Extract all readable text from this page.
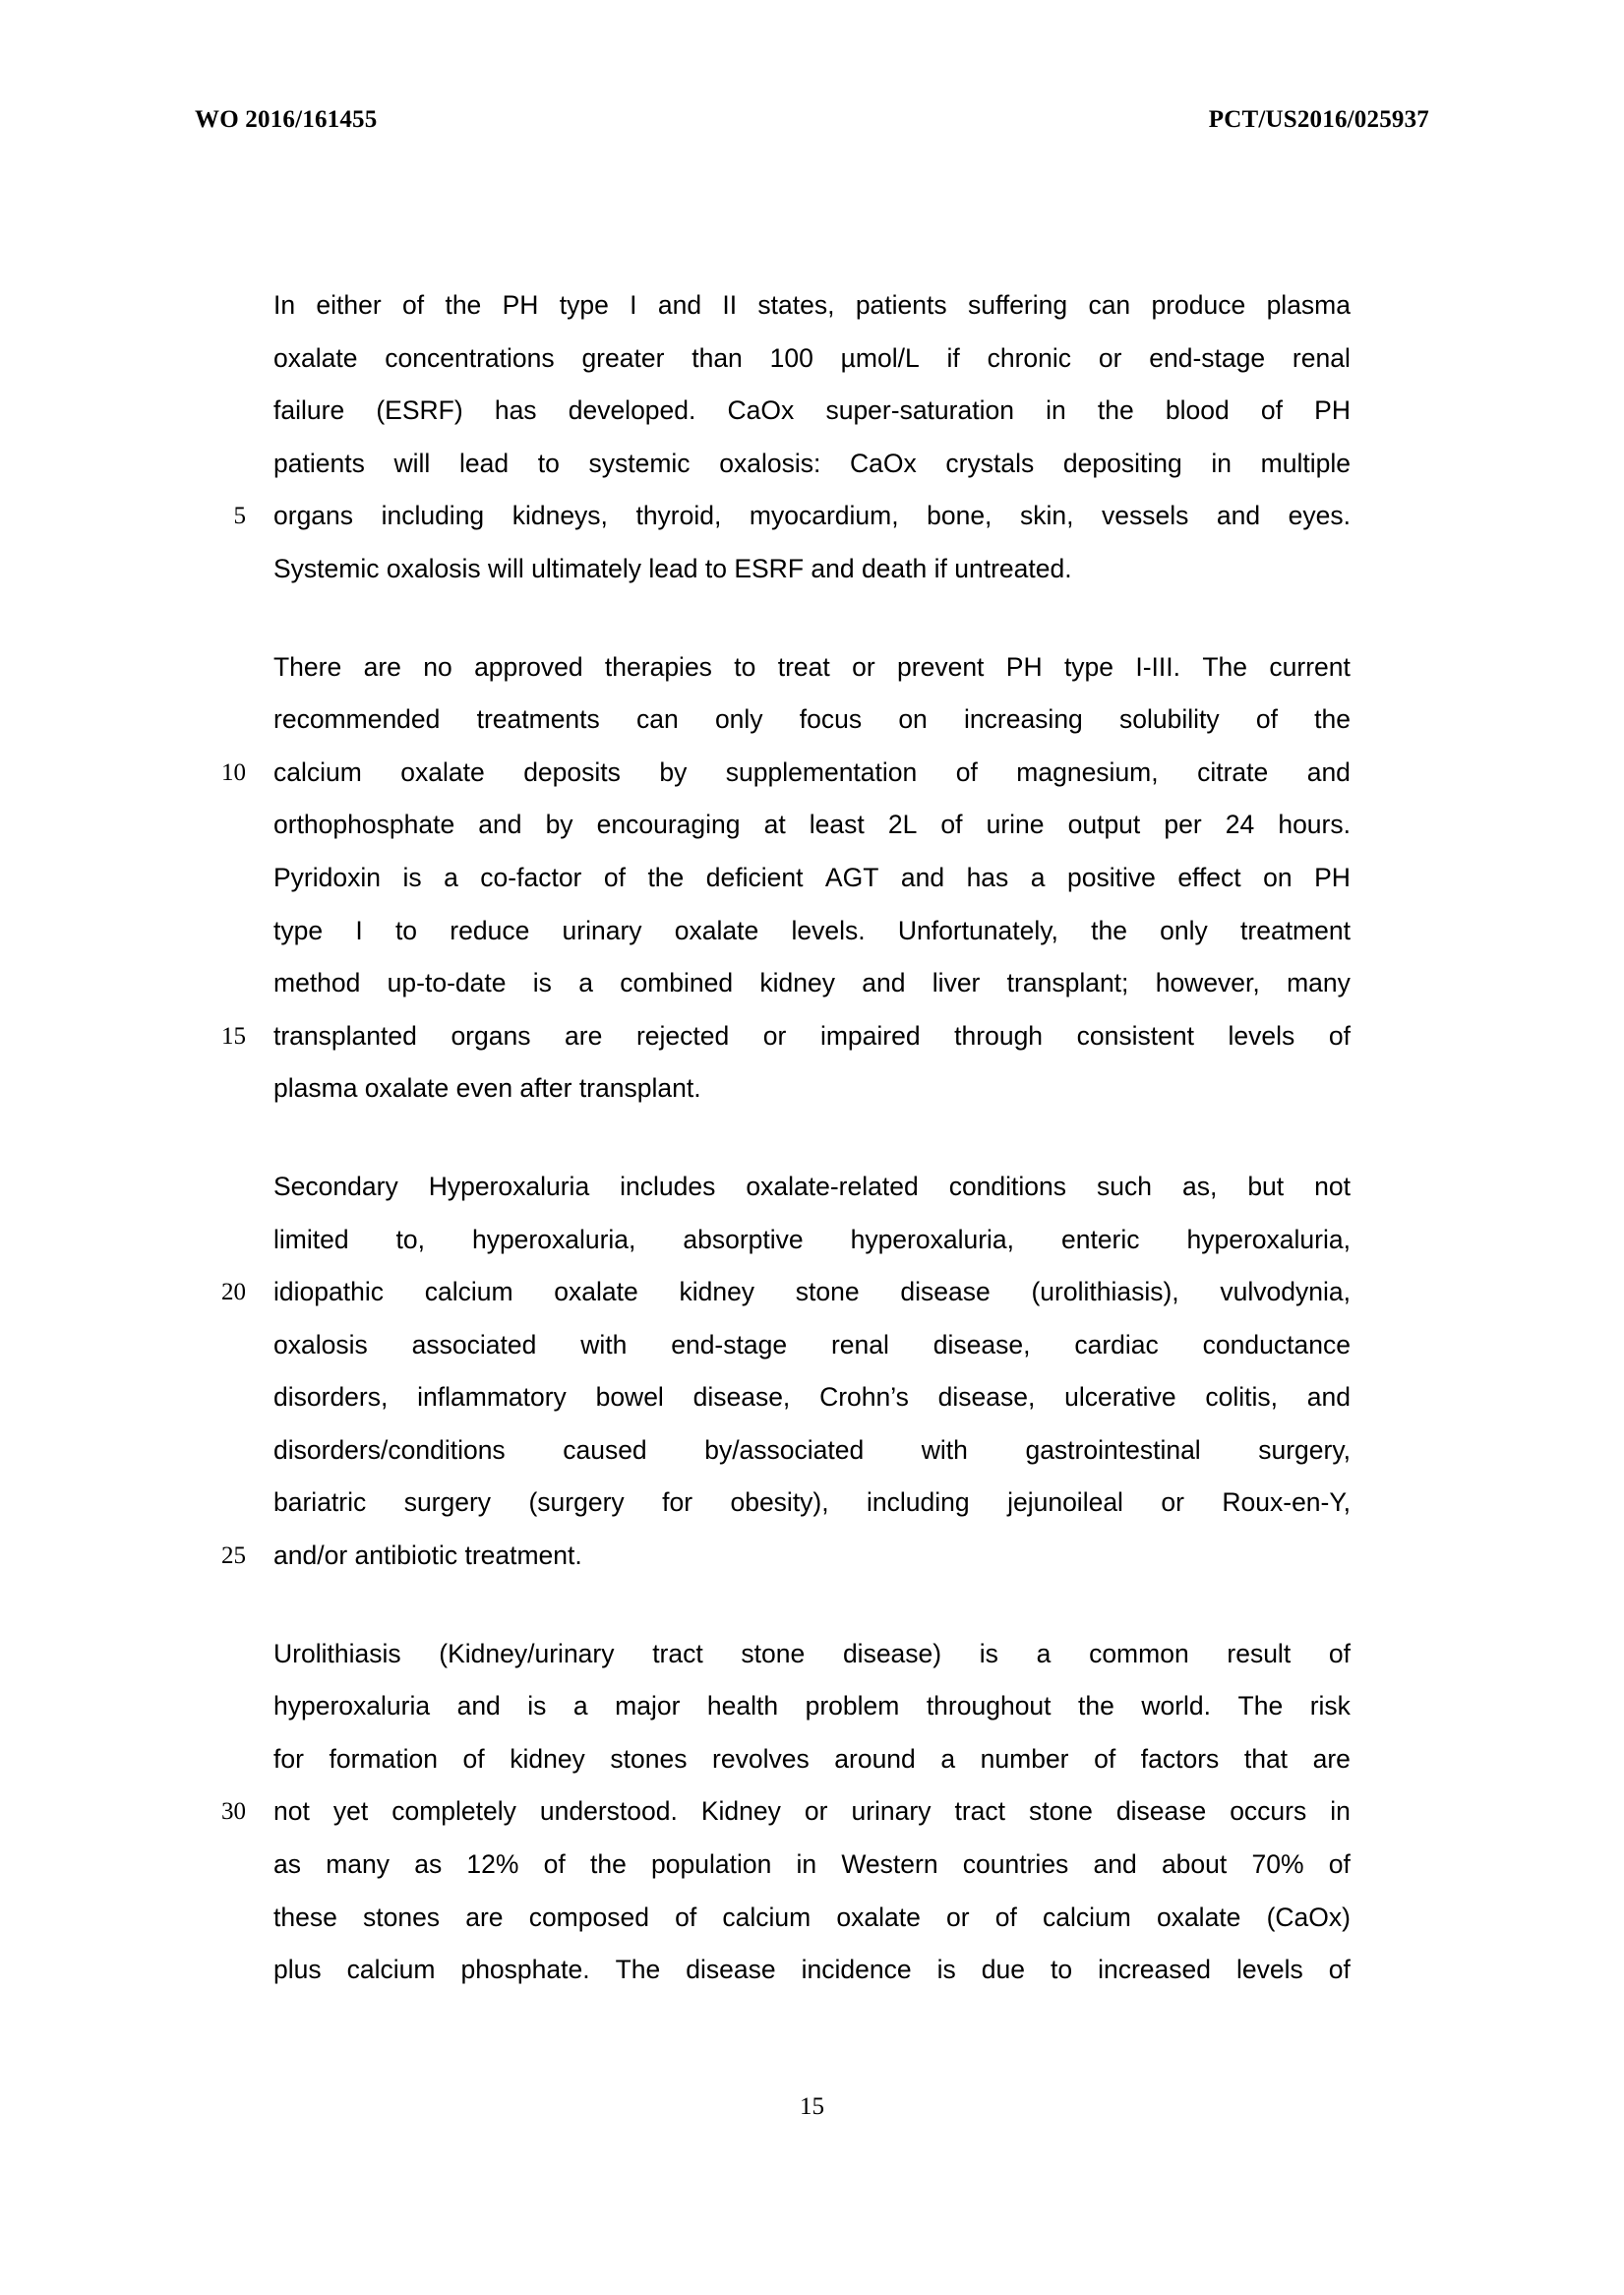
WO 2016/161455	PCT/US2016/025937
5
In either of the PH type I and II states, patients suffering can produce plasma
oxalate concentrations greater than 100 µmol/L if chronic or end-stage renal
failure (ESRF) has developed. CaOx super-saturation in the blood of PH
patients will lead to systemic oxalosis: CaOx crystals depositing in multiple
organs including kidneys, thyroid, myocardium, bone, skin, vessels and eyes.
Systemic oxalosis will ultimately lead to ESRF and death if untreated.
10
15
There are no approved therapies to treat or prevent PH type I-III. The current
recommended treatments can only focus on increasing solubility of the
calcium oxalate deposits by supplementation of magnesium, citrate and
orthophosphate and by encouraging at least 2L of urine output per 24 hours.
Pyridoxin is a co-factor of the deficient AGT and has a positive effect on PH
type I to reduce urinary oxalate levels. Unfortunately, the only treatment
method up-to-date is a combined kidney and liver transplant; however, many
transplanted organs are rejected or impaired through consistent levels of
plasma oxalate even after transplant.
20
25
Secondary Hyperoxaluria includes oxalate-related conditions such as, but not
limited to, hyperoxaluria, absorptive hyperoxaluria, enteric hyperoxaluria,
idiopathic calcium oxalate kidney stone disease (urolithiasis), vulvodynia,
oxalosis associated with end-stage renal disease, cardiac conductance
disorders, inflammatory bowel disease, Crohn’s disease, ulcerative colitis, and
disorders/conditions caused by/associated with gastrointestinal surgery,
bariatric surgery (surgery for obesity), including jejunoileal or Roux-en-Y,
and/or antibiotic treatment.
30
Urolithiasis (Kidney/urinary tract stone disease) is a common result of
hyperoxaluria and is a major health problem throughout the world. The risk
for formation of kidney stones revolves around a number of factors that are
not yet completely understood. Kidney or urinary tract stone disease occurs in
as many as 12% of the population in Western countries and about 70% of
these stones are composed of calcium oxalate or of calcium oxalate (CaOx)
plus calcium phosphate. The disease incidence is due to increased levels of
15
